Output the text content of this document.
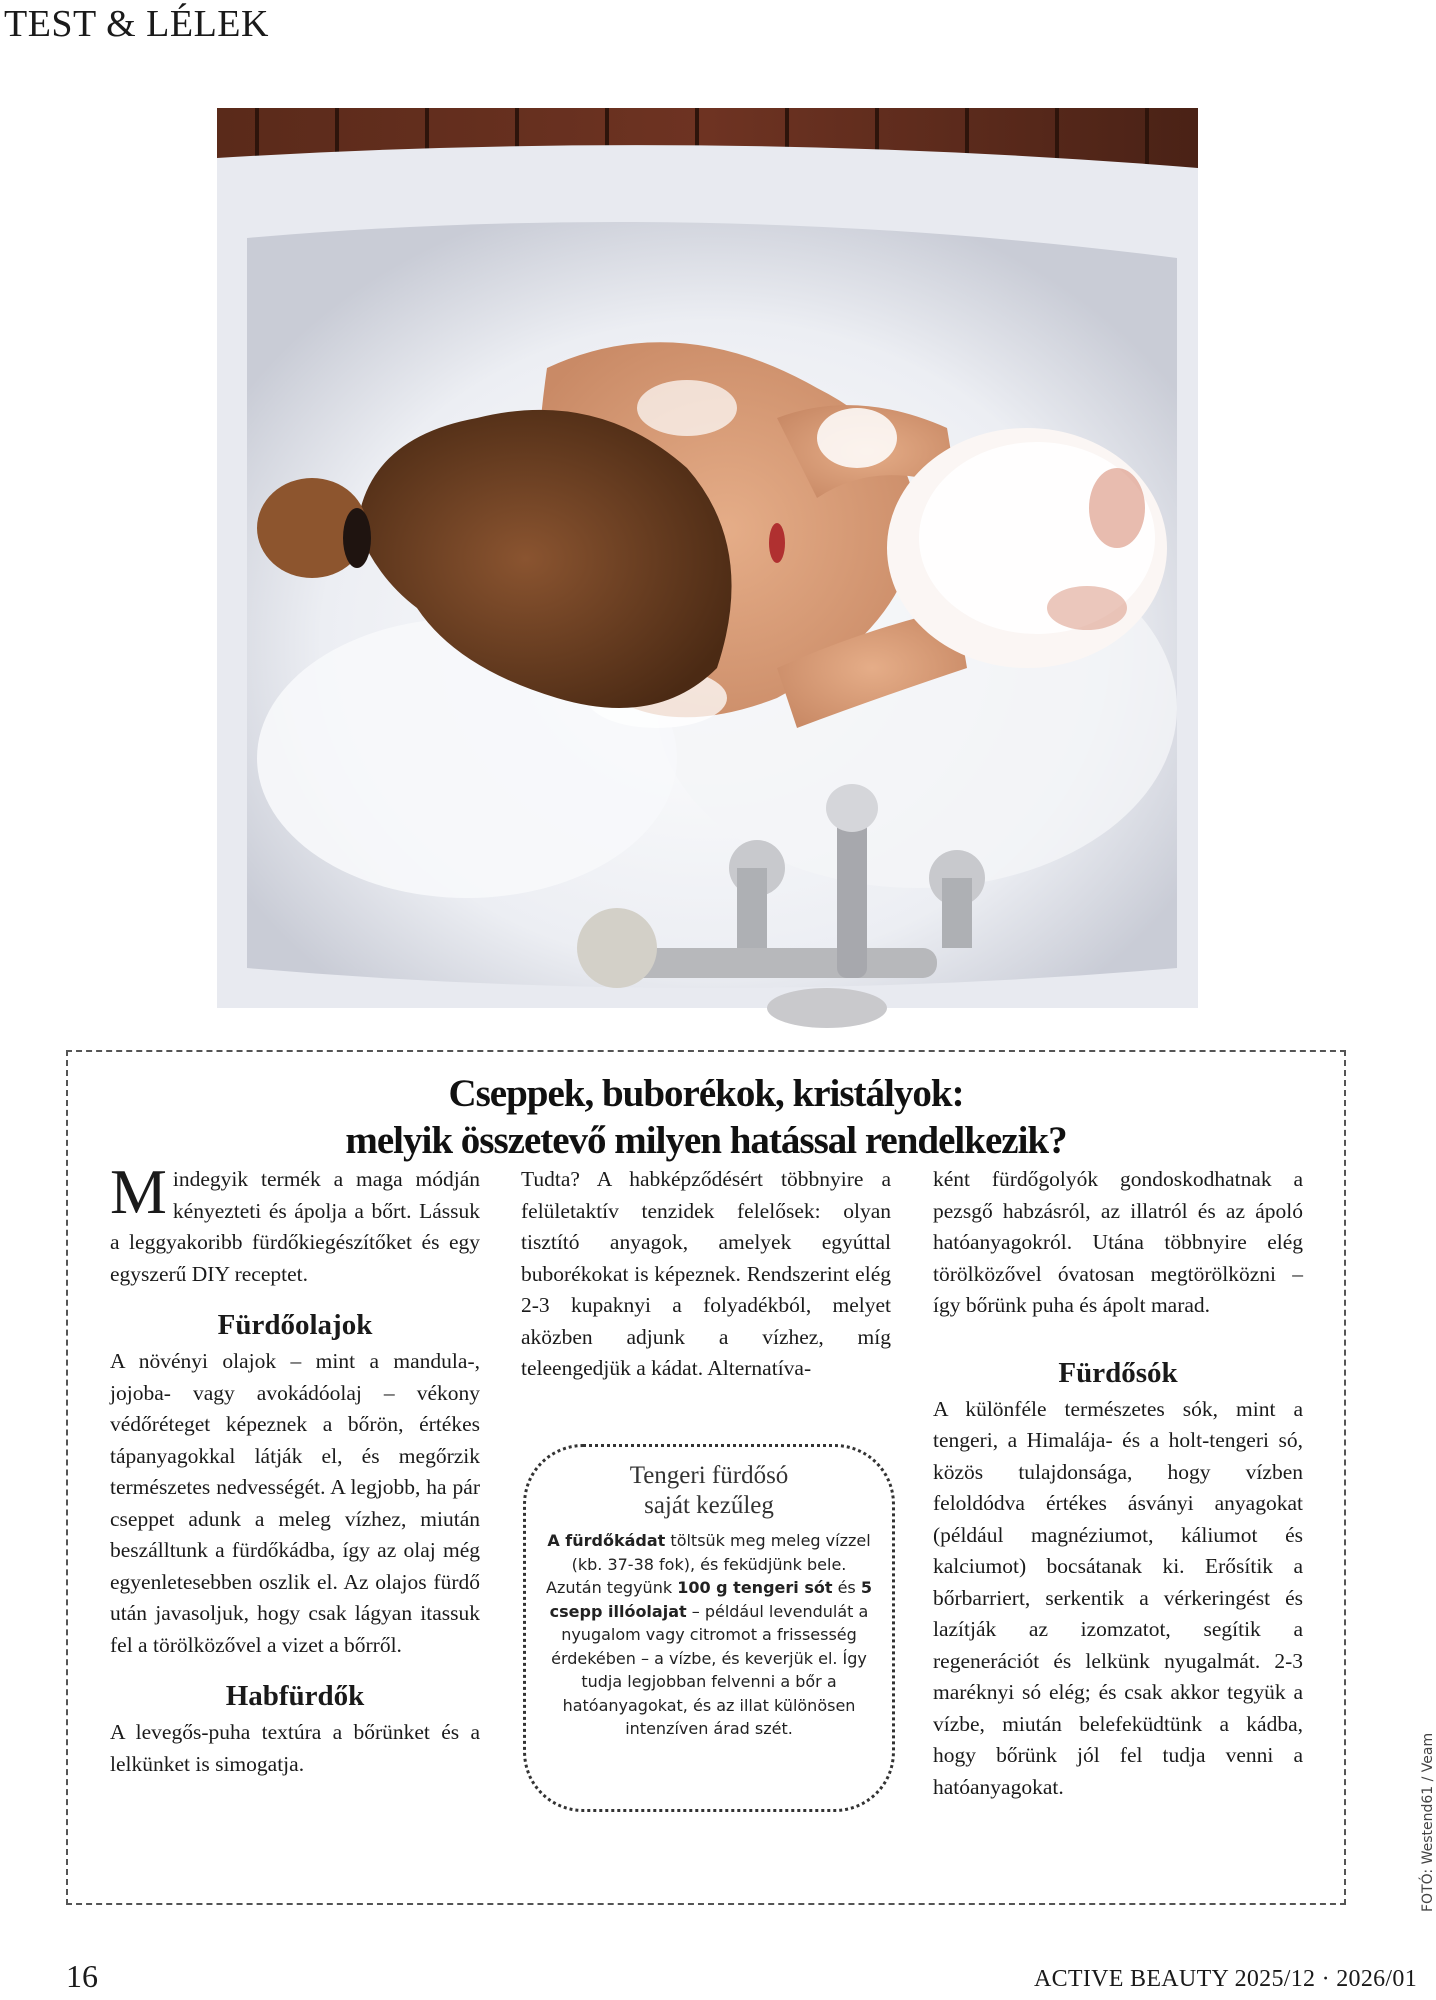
TEST & LÉLEK
Cseppek, buborékok, kristályok:
melyik összetevő milyen hatással rendelkezik?

Mindegyik termék a maga módján kényezteti és ápolja a bőrt. Lássuk a leggyakoribb fürdőkiegészítőket és egy egyszerű DIY receptet.

Fürdőolajok

A növényi olajok – mint a mandula-, jojoba- vagy avokádóolaj – vékony védőréteget képeznek a bőrön, értékes tápanyagokkal látják el, és megőrzik természetes nedvességét. A legjobb, ha pár cseppet adunk a meleg vízhez, miután beszálltunk a fürdőkádba, így az olaj még egyenletesebben oszlik el. Az olajos fürdő után javasoljuk, hogy csak lágyan itassuk fel a törölközővel a vizet a bőrről.

Habfürdők

A levegős-puha textúra a bőrünket és a lelkünket is simogatja.

Tudta? A habképződésért többnyire a felületaktív tenzidek felelősek: olyan tisztító anyagok, amelyek egyúttal buborékokat is képeznek. Rendszerint elég 2-3 kupaknyi a folyadékból, melyet aközben adjunk a vízhez, míg teleengedjük a kádat. Alternatíva-

Tengeri fürdősó
saját kezűleg
A fürdőkádat töltsük meg meleg vízzel (kb. 37-38 fok), és feküdjünk bele. Azután tegyünk 100 g tengeri sót és 5 csepp illóolajat – például levendulát a nyugalom vagy citromot a frissesség érdekében – a vízbe, és keverjük el. Így tudja legjobban felvenni a bőr a hatóanyagokat, és az illat különösen intenzíven árad szét.

ként fürdőgolyók gondoskodhatnak a pezsgő habzásról, az illatról és az ápoló hatóanyagokról. Utána többnyire elég törölközővel óvatosan megtörölközni – így bőrünk puha és ápolt marad.

Fürdősók

A különféle természetes sók, mint a tengeri, a Himalája- és a holt-tengeri só, közös tulajdonsága, hogy vízben feloldódva értékes ásványi anyagokat (például magnéziumot, káliumot és kalciumot) bocsátanak ki. Erősítik a bőrbarriert, serkentik a vérkeringést és lazítják az izomzatot, segítik a regenerációt és lelkünk nyugalmát. 2-3 maréknyi só elég; és csak akkor tegyük a vízbe, miután belefeküdtünk a kádba, hogy bőrünk jól fel tudja venni a hatóanyagokat.	FOTÓ: Westend61 / Veam
16	ACTIVE BEAUTY 2025/12 · 2026/01
